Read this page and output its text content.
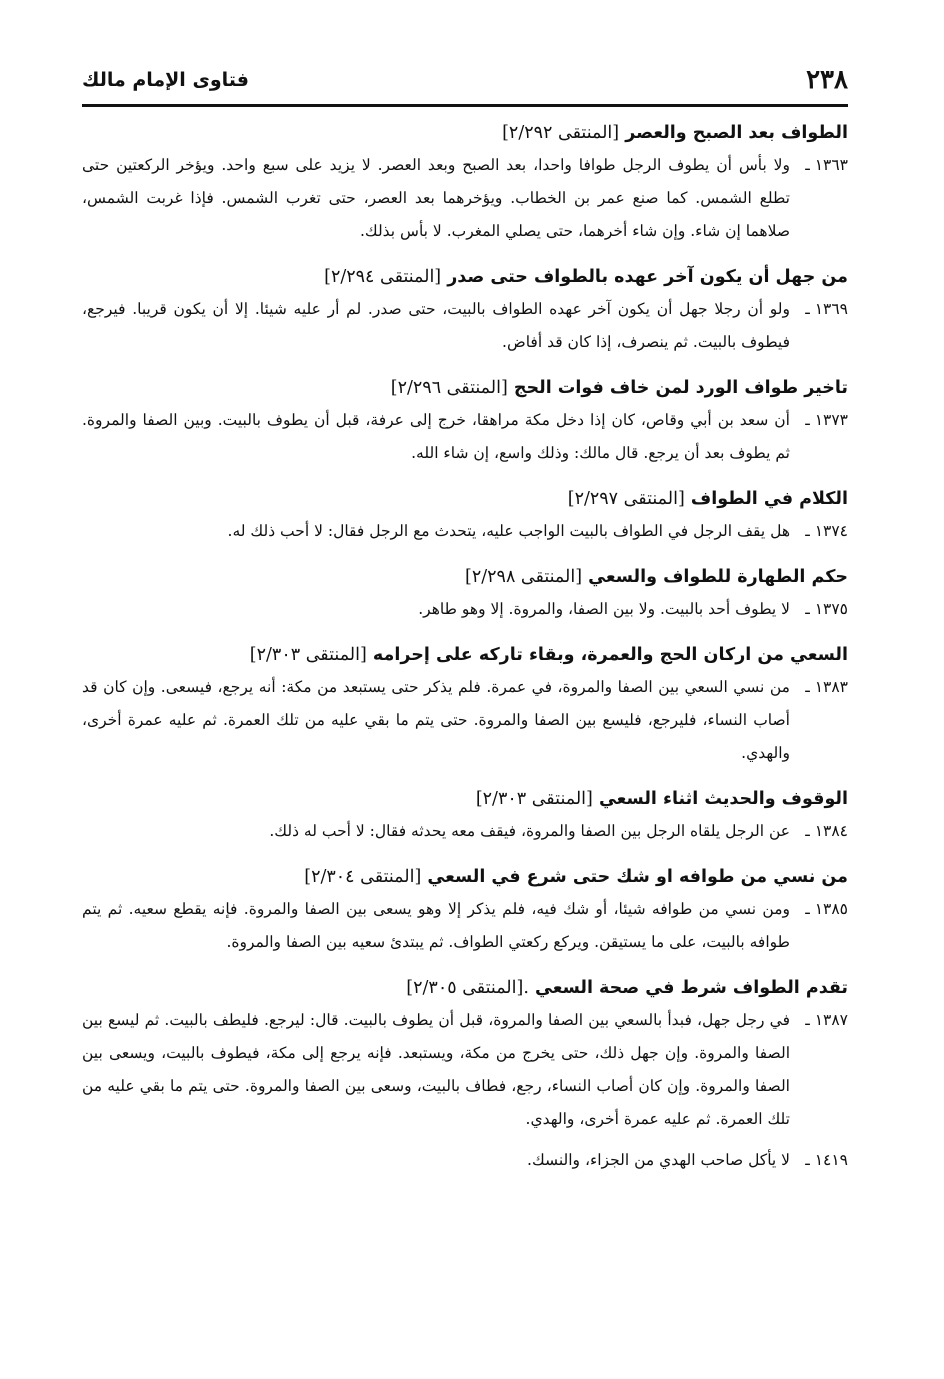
٢٣٨
فتاوى الإمام مالك
الطواف بعد الصبح والعصر [المنتقى ٢/٢٩٢]
١٣٦٣ ـ
ولا بأس أن يطوف الرجل طوافا واحدا، بعد الصبح وبعد العصر. لا يزيد على سبع واحد. ويؤخر الركعتين حتى تطلع الشمس. كما صنع عمر بن الخطاب. ويؤخرهما بعد العصر، حتى تغرب الشمس. فإذا غربت الشمس، صلاهما إن شاء. وإن شاء أخرهما، حتى يصلي المغرب. لا بأس بذلك.
من جهل أن يكون آخر عهده بالطواف حتى صدر [المنتقى ٢/٢٩٤]
١٣٦٩ ـ
ولو أن رجلا جهل أن يكون آخر عهده الطواف بالبيت، حتى صدر. لم أر عليه شيئا. إلا أن يكون قريبا. فيرجع، فيطوف بالبيت. ثم ينصرف، إذا كان قد أفاض.
تاخير طواف الورد لمن خاف فوات الحج [المنتقى ٢/٢٩٦]
١٣٧٣ ـ
أن سعد بن أبي وقاص، كان إذا دخل مكة مراهقا، خرج إلى عرفة، قبل أن يطوف بالبيت. وبين الصفا والمروة. ثم يطوف بعد أن يرجع. قال مالك: وذلك واسع، إن شاء الله.
الكلام في الطواف [المنتقى ٢/٢٩٧]
١٣٧٤ ـ
هل يقف الرجل في الطواف بالبيت الواجب عليه، يتحدث مع الرجل فقال: لا أحب ذلك له.
حكم الطهارة للطواف والسعي [المنتقى ٢/٢٩٨]
١٣٧٥ ـ
لا يطوف أحد بالبيت. ولا بين الصفا، والمروة. إلا وهو طاهر.
السعي من اركان الحج والعمرة، وبقاء تاركه على إحرامه [المنتقى ٢/٣٠٣]
١٣٨٣ ـ
من نسي السعي بين الصفا والمروة، في عمرة. فلم يذكر حتى يستبعد من مكة: أنه يرجع، فيسعى. وإن كان قد أصاب النساء، فليرجع، فليسع بين الصفا والمروة. حتى يتم ما بقي عليه من تلك العمرة. ثم عليه عمرة أخرى، والهدي.
الوقوف والحديث اثناء السعي [المنتقى ٢/٣٠٣]
١٣٨٤ ـ
عن الرجل يلقاه الرجل بين الصفا والمروة، فيقف معه يحدثه فقال: لا أحب له ذلك.
من نسي من طوافه او شك حتى شرع في السعي [المنتقى ٢/٣٠٤]
١٣٨٥ ـ
ومن نسي من طوافه شيئا، أو شك فيه، فلم يذكر إلا وهو يسعى بين الصفا والمروة. فإنه يقطع سعيه. ثم يتم طوافه بالبيت، على ما يستيقن. ويركع ركعتي الطواف. ثم يبتدئ سعيه بين الصفا والمروة.
تقدم الطواف شرط في صحة السعي .[المنتقى ٢/٣٠٥]
١٣٨٧ ـ
في رجل جهل، فبدأ بالسعي بين الصفا والمروة، قبل أن يطوف بالبيت. قال: ليرجع. فليطف بالبيت. ثم ليسع بين الصفا والمروة. وإن جهل ذلك، حتى يخرج من مكة، ويستبعد. فإنه يرجع إلى مكة، فيطوف بالبيت، ويسعى بين الصفا والمروة. وإن كان أصاب النساء، رجع، فطاف بالبيت، وسعى بين الصفا والمروة. حتى يتم ما بقي عليه من تلك العمرة. ثم عليه عمرة أخرى، والهدي.
١٤١٩ ـ
لا يأكل صاحب الهدي من الجزاء، والنسك.
